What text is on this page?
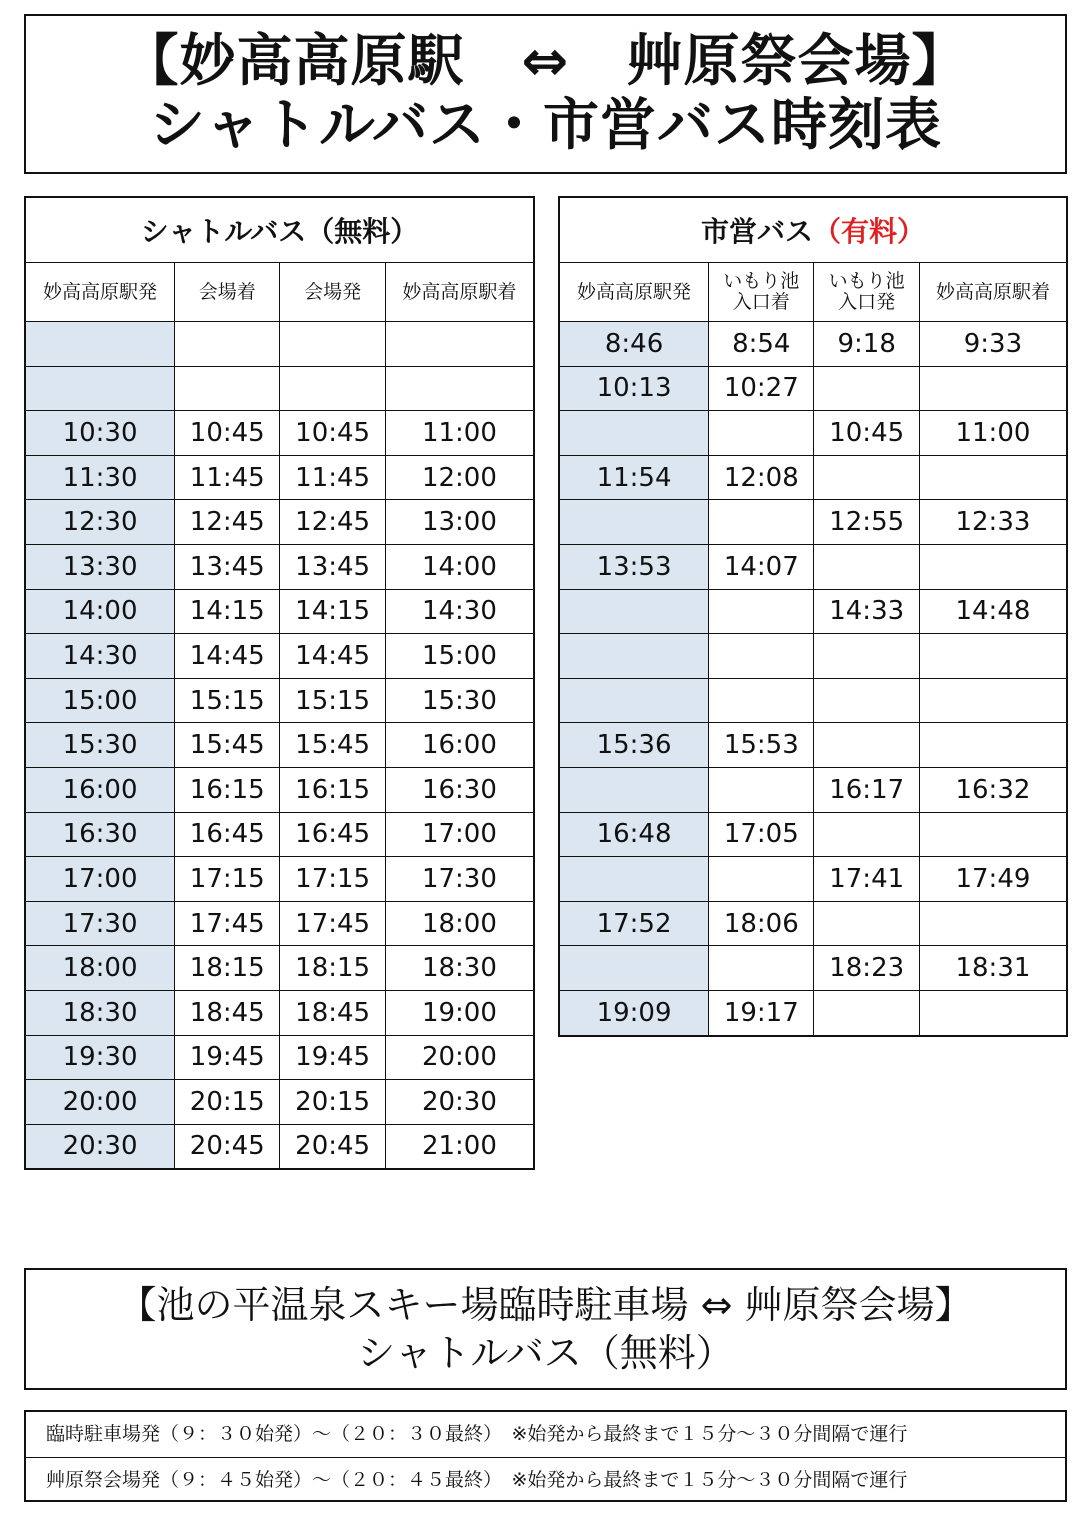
【妙高高原駅　⇔　艸原祭会場】
シャトルバス・市営バス時刻表
シャトルバス（無料）			
妙高高原駅発	会場着	会場発	妙高高原駅着

10:30	10:45	10:45	11:00
11:30	11:45	11:45	12:00
12:30	12:45	12:45	13:00
13:30	13:45	13:45	14:00
14:00	14:15	14:15	14:30
14:30	14:45	14:45	15:00
15:00	15:15	15:15	15:30
15:30	15:45	15:45	16:00
16:00	16:15	16:15	16:30
16:30	16:45	16:45	17:00
17:00	17:15	17:15	17:30
17:30	17:45	17:45	18:00
18:00	18:15	18:15	18:30
18:30	18:45	18:45	19:00
19:30	19:45	19:45	20:00
20:00	20:15	20:15	20:30
20:30	20:45	20:45	21:00
市営バス（有料）			
妙高高原駅発	いもり池
入口着	いもり池
入口発	妙高高原駅着
8:46	8:54	9:18	9:33
10:13	10:27		
		10:45	11:00
11:54	12:08		
		12:55	12:33
13:53	14:07		
		14:33	14:48

15:36	15:53		
		16:17	16:32
16:48	17:05		
		17:41	17:49
17:52	18:06		
		18:23	18:31
19:09	19:17		
【池の平温泉スキー場臨時駐車場 ⇔ 艸原祭会場】
シャトルバス（無料）
臨時駐車場発（９：３０始発）～（２０：３０最終）　※始発から最終まで１５分～３０分間隔で運行
艸原祭会場発（９：４５始発）～（２０：４５最終）　※始発から最終まで１５分～３０分間隔で運行
